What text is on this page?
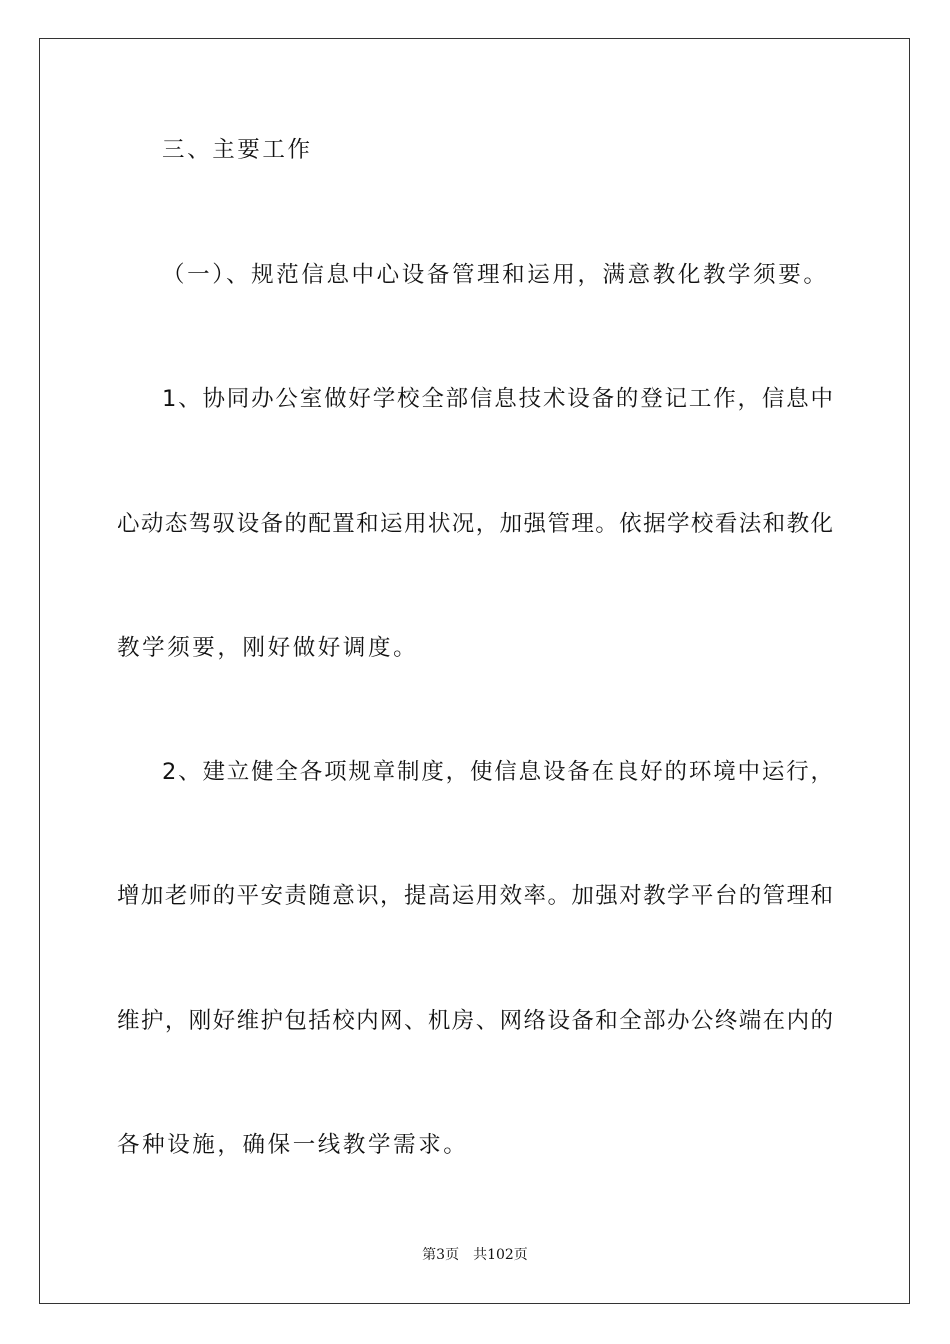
三、主要工作
（一）、规范信息中心设备管理和运用，满意教化教学须要。
1、协同办公室做好学校全部信息技术设备的登记工作，信息中
心动态驾驭设备的配置和运用状况，加强管理。依据学校看法和教化
教学须要，刚好做好调度。
2、建立健全各项规章制度，使信息设备在良好的环境中运行，
增加老师的平安责随意识，提高运用效率。加强对教学平台的管理和
维护，刚好维护包括校内网、机房、网络设备和全部办公终端在内的
各种设施，确保一线教学需求。
第3页　共102页
